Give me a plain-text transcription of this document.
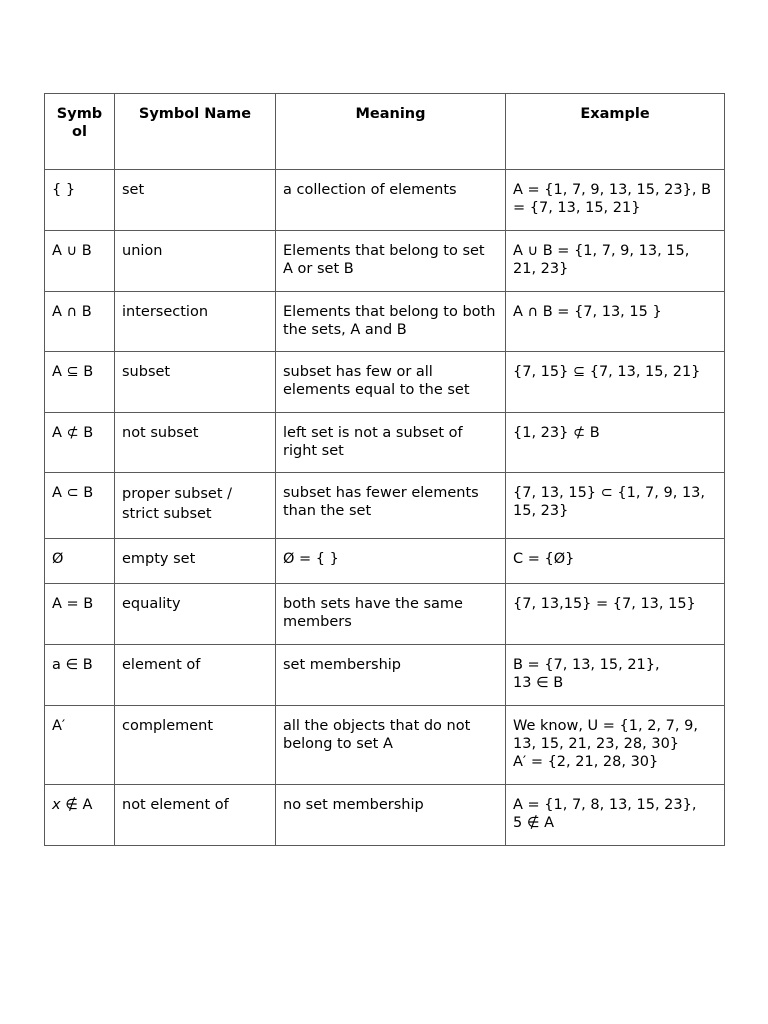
Symb ol	Symbol Name	Meaning	Example
{ }	set	a collection of elements	A = {1, 7, 9, 13, 15, 23}, B = {7, 13, 15, 21}
A ∪ B	union	Elements that belong to set A or set B	A ∪ B = {1, 7, 9, 13, 15, 21, 23}
A ∩ B	intersection	Elements that belong to both the sets, A and B	A ∩ B = {7, 13, 15 }
A ⊆ B	subset	subset has few or all elements equal to the set	{7, 15} ⊆ {7, 13, 15, 21}
A ⊄ B	not subset	left set is not a subset of right set	{1, 23} ⊄ B
A ⊂ B	proper subset / strict subset	subset has fewer elements than the set	{7, 13, 15} ⊂ {1, 7, 9, 13, 15, 23}
Ø	empty set	Ø = { }	C = {Ø}
A = B	equality	both sets have the same members	{7, 13,15} = {7, 13, 15}
a ∈ B	element of	set membership	B = {7, 13, 15, 21},
13 ∈ B

A′	complement	all the objects that do not belong to set A	We know, U = {1, 2, 7, 9, 13, 15, 21, 23, 28, 30}
A′ = {2, 21, 28, 30}

x ∉ A	not element of	no set membership	A = {1, 7, 8, 13, 15, 23},
5 ∉ A
